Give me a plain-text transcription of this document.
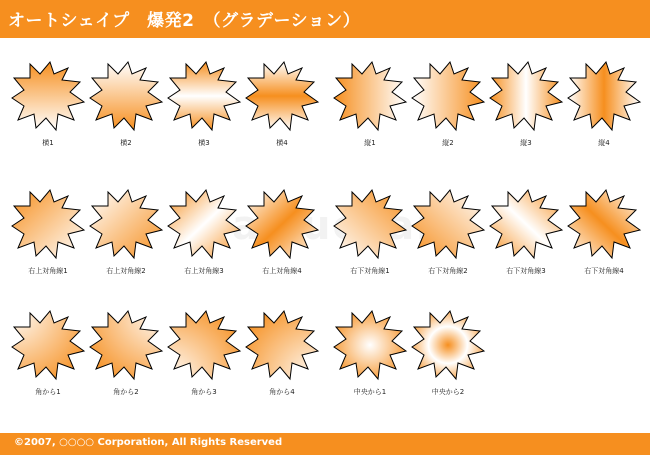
オートシェイプ　爆発2　（グラデーション）
横1	横2	横3	横4	縦1	縦2	縦3	縦4
右上対角線1	右上対角線2	右上対角線3	右上対角線4	右下対角線1	右下対角線2	右下対角線3	右下対角線4
角から1	角から2	角から3	角から4	中央から1	中央から2
©2007, ○○○○ Corporation, All Rights Reserved
